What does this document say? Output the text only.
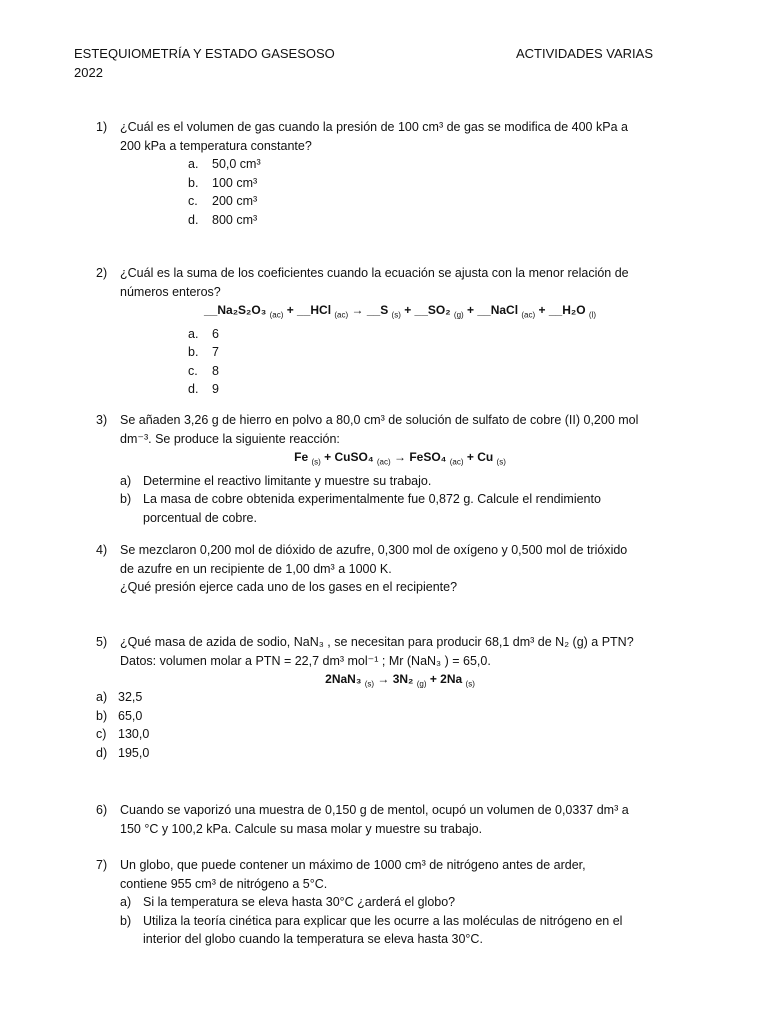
ESTEQUIOMETRÍA Y ESTADO GASESOSO
2022
ACTIVIDADES VARIAS
1) ¿Cuál es el volumen de gas cuando la presión de 100 cm³ de gas se modifica de 400 kPa a
200 kPa a temperatura constante?
a. 50,0 cm³
b. 100 cm³
c. 200 cm³
d. 800 cm³
2) ¿Cuál es la suma de los coeficientes cuando la ecuación se ajusta con la menor relación de
números enteros?
__Na₂S₂O₃ $_{(ac)}$ + __HCl $_{(ac)}$ → __S $_{(s)}$ + __SO₂ $_{(g)}$ + __NaCl $_{(ac)}$ + __H₂O $_{(l)}$
a. 6
b. 7
c. 8
d. 9
3) Se añaden 3,26 g de hierro en polvo a 80,0 cm³ de solución de sulfato de cobre (II) 0,200 mol
dm⁻³. Se produce la siguiente reacción:
Fe $_{(s)}$ + CuSO₄ $_{(ac)}$ → FeSO₄ $_{(ac)}$ + Cu $_{(s)}$
a) Determine el reactivo limitante y muestre su trabajo.
b) La masa de cobre obtenida experimentalmente fue 0,872 g. Calcule el rendimiento
porcentual de cobre.
4) Se mezclaron 0,200 mol de dióxido de azufre, 0,300 mol de oxígeno y 0,500 mol de trióxido
de azufre en un recipiente de 1,00 dm³ a 1000 K.
¿Qué presión ejerce cada uno de los gases en el recipiente?
5) ¿Qué masa de azida de sodio, NaN₃ , se necesitan para producir 68,1 dm³ de N₂ (g) a PTN?
Datos: volumen molar a PTN = 22,7 dm³ mol⁻¹ ; Mr (NaN₃ ) = 65,0.
2NaN₃ $_{(s)}$ → 3N₂ $_{(g)}$ + 2Na $_{(s)}$
a) 32,5
b) 65,0
c) 130,0
d) 195,0
6) Cuando se vaporizó una muestra de 0,150 g de mentol, ocupó un volumen de 0,0337 dm³ a
150 °C y 100,2 kPa. Calcule su masa molar y muestre su trabajo.
7) Un globo, que puede contener un máximo de 1000 cm³ de nitrógeno antes de arder,
contiene 955 cm³ de nitrógeno a 5°C.
a) Si la temperatura se eleva hasta 30°C ¿arderá el globo?
b) Utiliza la teoría cinética para explicar que les ocurre a las moléculas de nitrógeno en el
interior del globo cuando la temperatura se eleva hasta 30°C.
